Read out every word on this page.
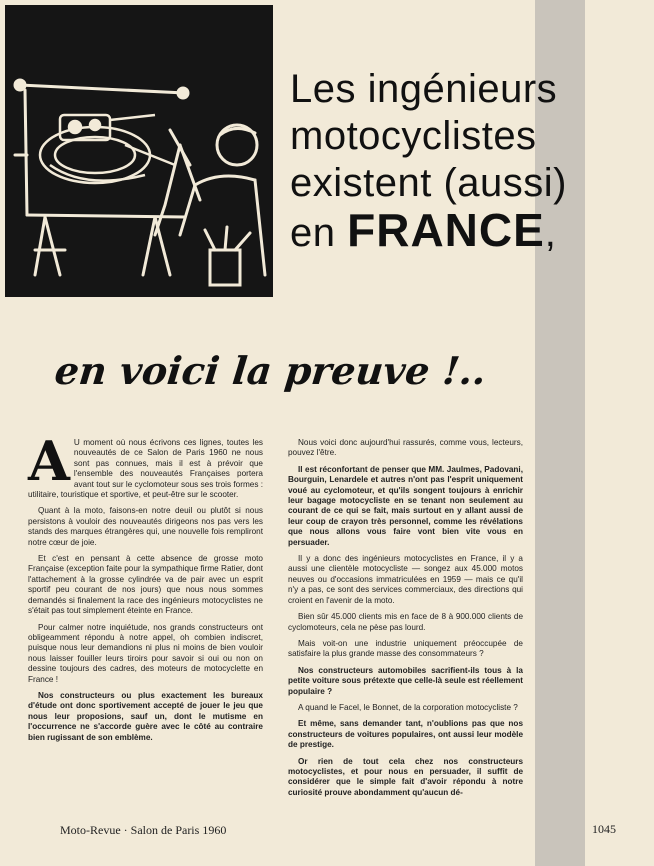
Les ingénieurs
motocyclistes
existent (aussi)
en FRANCE,
en voici la preuve !..

A U moment où nous écrivons ces lignes, toutes les nouveautés de ce Salon de Paris 1960 ne nous sont pas connues, mais il est à prévoir que l'ensemble des nouveautés Françaises portera avant tout sur le cyclomoteur sous ses trois formes : utilitaire, touristique et sportive, et peut-être sur le scooter.

Quant à la moto, faisons-en notre deuil ou plutôt si nous persistons à vouloir des nouveautés dirigeons nos pas vers les stands des marques étrangères qui, une nouvelle fois rempliront notre cœur de joie.

Et c'est en pensant à cette absence de grosse moto Française (exception faite pour la sympathique firme Ratier, dont l'attachement à la grosse cylindrée va de pair avec un esprit sportif peu courant de nos jours) que nous nous sommes demandés si finalement la race des ingénieurs motocyclistes ne s'était pas tout simplement éteinte en France.

Pour calmer notre inquiétude, nos grands constructeurs ont obligeamment répondu à notre appel, oh combien indiscret, puisque nous leur demandions ni plus ni moins de bien vouloir nous laisser fouiller leurs tiroirs pour savoir si oui ou non on dessine toujours des cadres, des moteurs de motocyclette en France !

Nos constructeurs ou plus exactement les bureaux d'étude ont donc sportivement accepté de jouer le jeu que nous leur proposions, sauf un, dont le mutisme en l'occurrence ne s'accorde guère avec le côté au contraire bien rugissant de son emblème.

Nous voici donc aujourd'hui rassurés, comme vous, lecteurs, pouvez l'être.

Il est réconfortant de penser que MM. Jaulmes, Padovani, Bourguin, Lenardele et autres n'ont pas l'esprit uniquement voué au cyclomoteur, et qu'ils songent toujours à enrichir leur bagage motocycliste en se tenant non seulement au courant de ce qui se fait, mais surtout en y allant aussi de leur coup de crayon très personnel, comme les révélations que nous allons vous faire vont bien vite vous en persuader.

Il y a donc des ingénieurs motocyclistes en France, il y a aussi une clientèle motocycliste — songez aux 45.000 motos neuves ou d'occasions immatriculées en 1959 — mais ce qu'il n'y a pas, ce sont des services commerciaux, des directions qui croient en l'avenir de la moto.

Bien sûr 45.000 clients mis en face de 8 à 900.000 clients de cyclomoteurs, cela ne pèse pas lourd.

Mais voit-on une industrie uniquement préoccupée de satisfaire la plus grande masse des consommateurs ?

Nos constructeurs automobiles sacrifient-ils tous à la petite voiture sous prétexte que celle-là seule est réellement populaire ?

A quand le Facel, le Bonnet, de la corporation motocycliste ?

Et même, sans demander tant, n'oublions pas que nos constructeurs de voitures populaires, ont aussi leur modèle de prestige.

Or rien de tout cela chez nos constructeurs motocyclistes, et pour nous en persuader, il suffit de considérer que le simple fait d'avoir répondu à notre curiosité prouve abondamment qu'aucun dé-

Moto-Revue · Salon de Paris 1960	1045
